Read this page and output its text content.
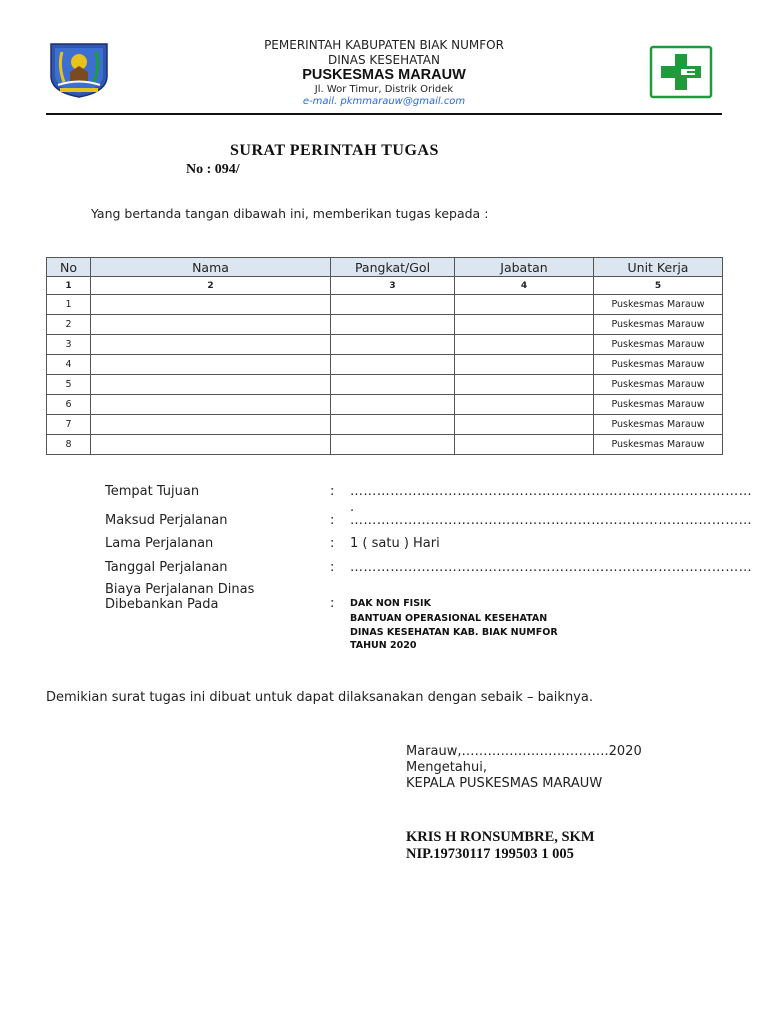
PEMERINTAH KABUPATEN BIAK NUMFOR
DINAS KESEHATAN
PUSKESMAS MARAUW
Jl. Wor Timur, Distrik Oridek
e-mail. pkmmarauw@gmail.com
SURAT PERINTAH TUGAS
No : 094/
Yang bertanda tangan dibawah ini, memberikan tugas kepada :
No	Nama	Pangkat/Gol	Jabatan	Unit Kerja
1	2	3	4	5
1				Puskesmas Marauw
2				Puskesmas Marauw
3				Puskesmas Marauw
4				Puskesmas Marauw
5				Puskesmas Marauw
6				Puskesmas Marauw
7				Puskesmas Marauw
8				Puskesmas Marauw
Tempat Tujuan	: ………………………………………………………………………………
.
Maksud Perjalanan	: ………………………………………………………………………………
Lama Perjalanan	: 1 ( satu ) Hari
Tanggal Perjalanan	: ………………………………………………………………………………
Biaya Perjalanan Dinas
Dibebankan Pada	: DAK NON FISIK
BANTUAN OPERASIONAL KESEHATAN
DINAS KESEHATAN KAB. BIAK NUMFOR
TAHUN 2020
Demikian surat tugas ini dibuat untuk dapat dilaksanakan dengan sebaik – baiknya.
Marauw,…………………………….2020
Mengetahui,
KEPALA PUSKESMAS MARAUW
KRIS H RONSUMBRE, SKM
NIP.19730117 199503 1 005
